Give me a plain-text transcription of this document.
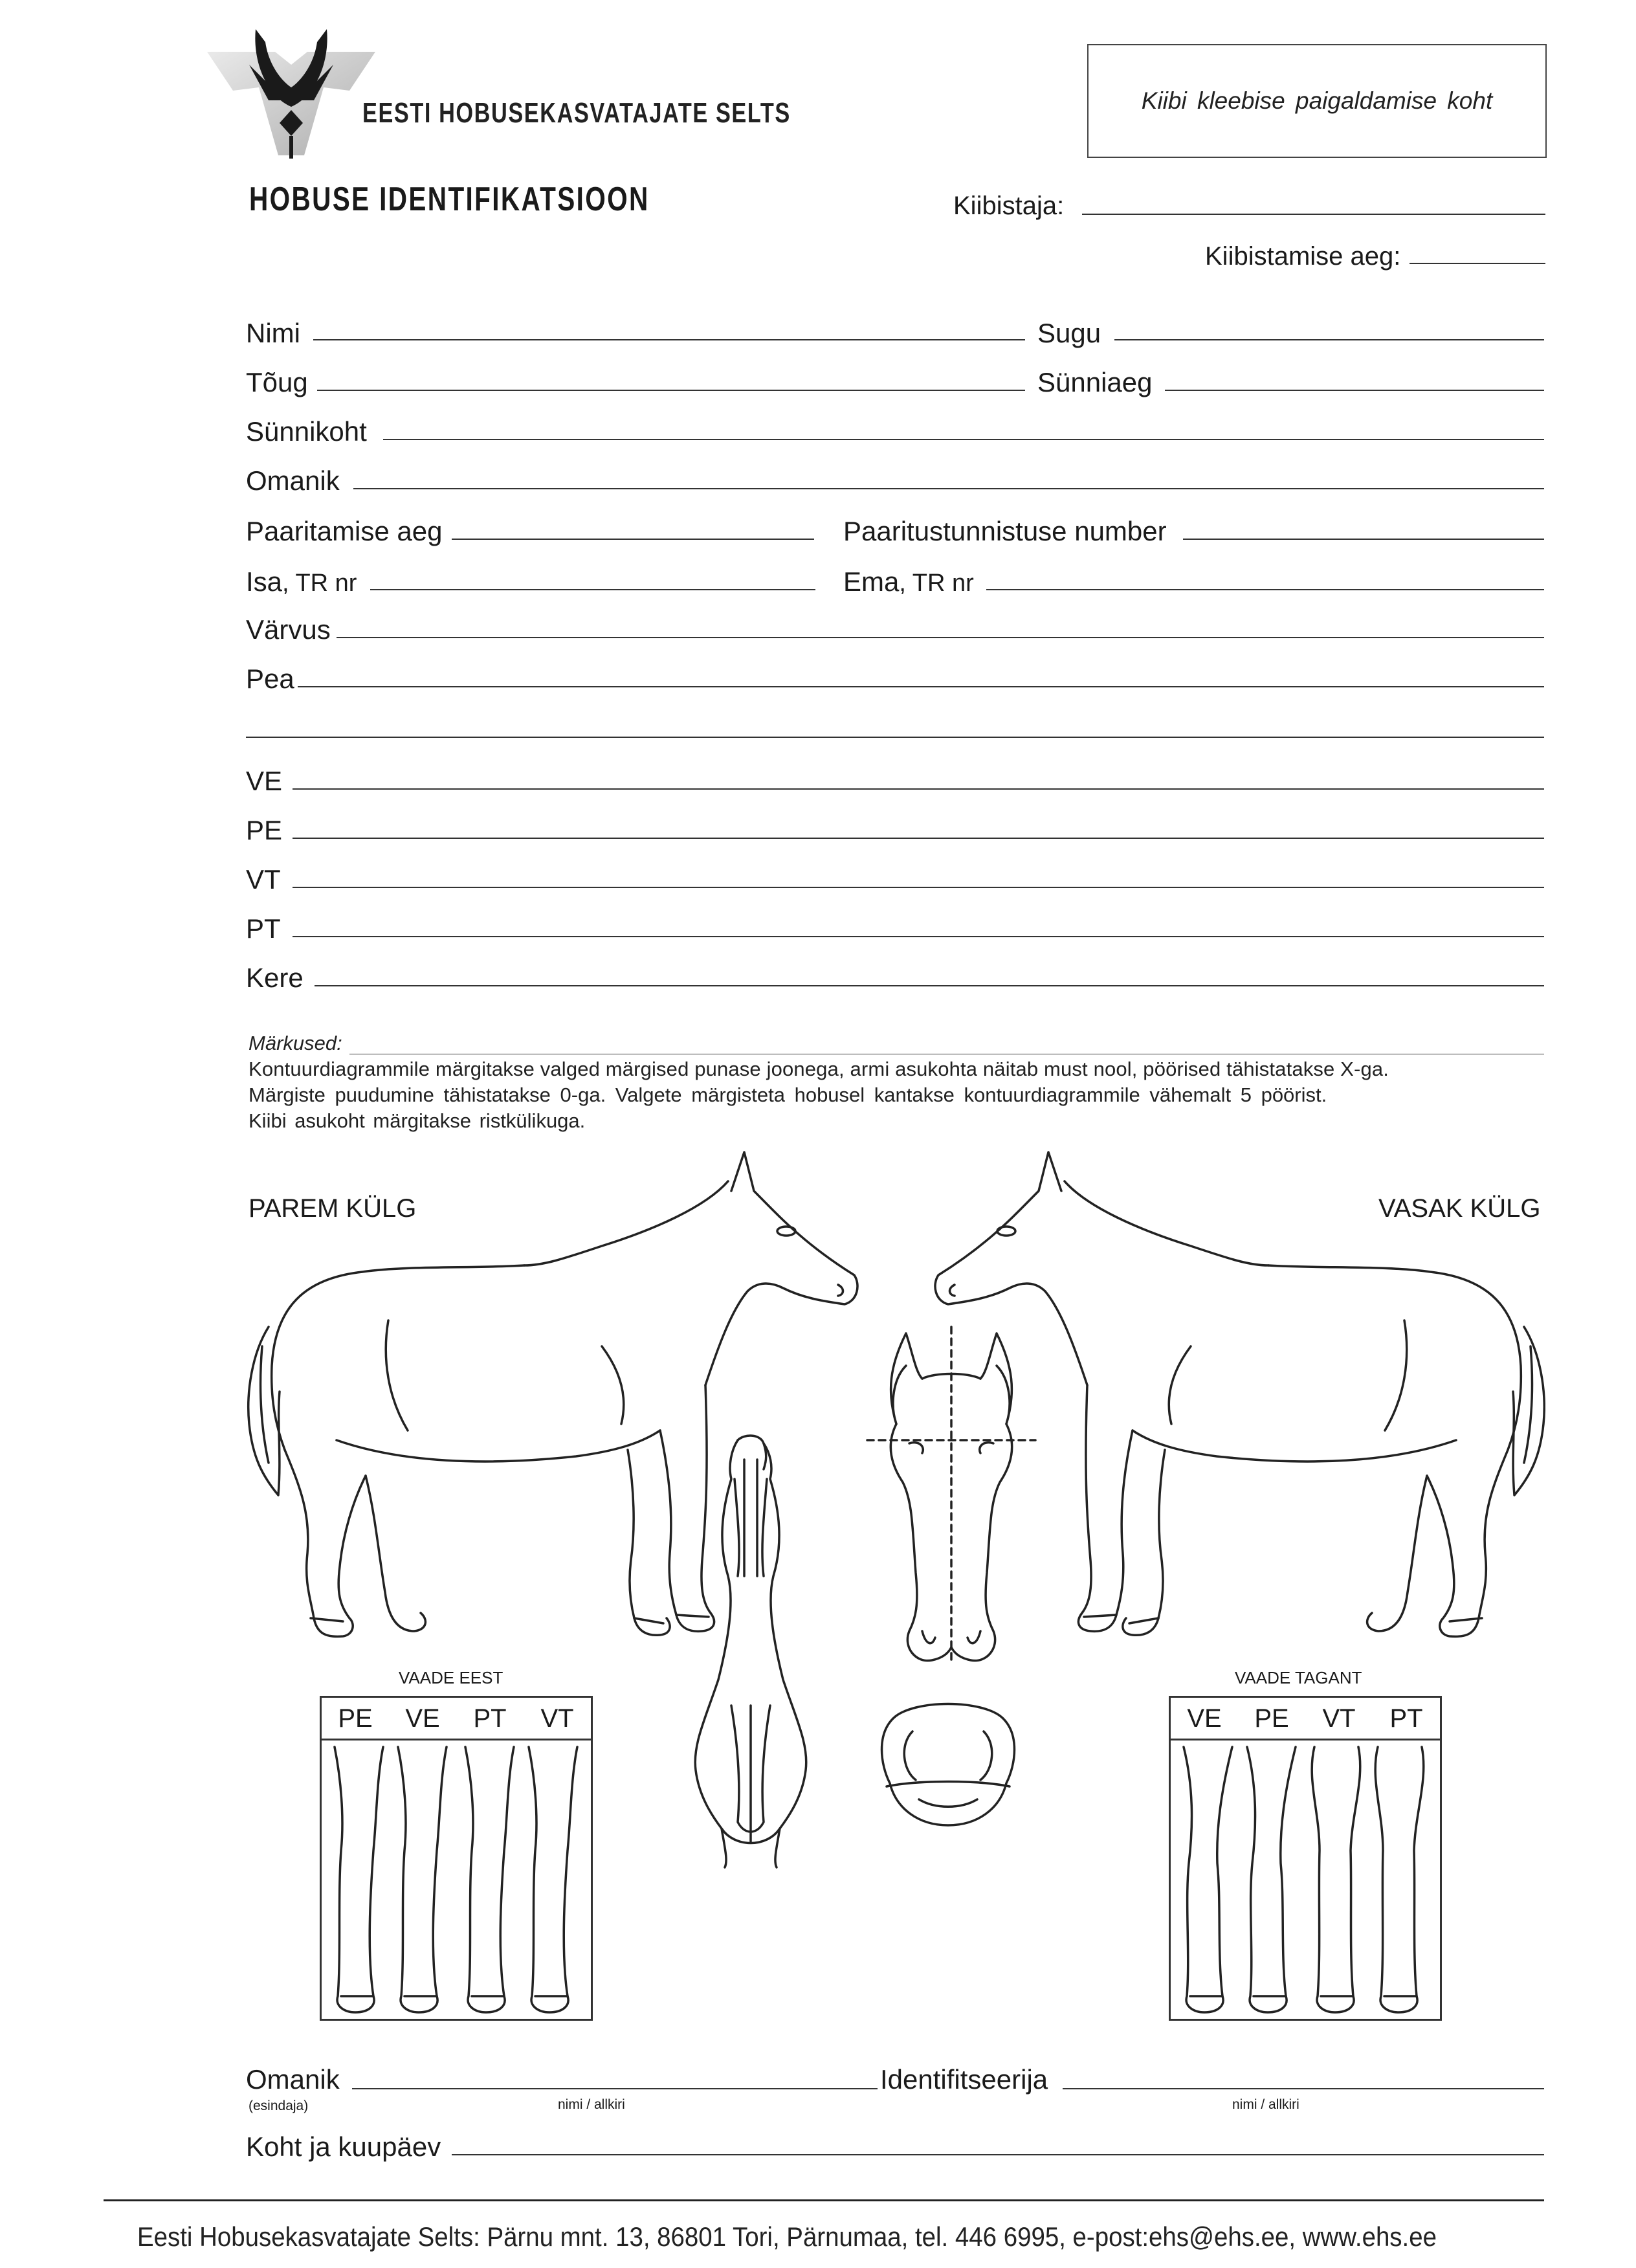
EESTI HOBUSEKASVATAJATE SELTS
HOBUSE IDENTIFIKATSIOON
Kiibi kleebise paigaldamise koht
Kiibistaja:
Kiibistamise aeg:
Nimi	Sugu
Tõug	Sünniaeg
Sünnikoht
Omanik
Paaritamise aeg	Paaritustunnistuse number
Isa, TR nr	Ema, TR nr
Värvus
Pea
VE
PE
VT
PT
Kere
Märkused:
Kontuurdiagrammile märgitakse valged märgised punase joonega, armi asukohta näitab must nool, pöörised tähistatakse X-ga.
Märgiste puudumine tähistatakse 0-ga. Valgete märgisteta hobusel kantakse kontuurdiagrammile vähemalt 5 pöörist.
Kiibi asukoht märgitakse ristkülikuga.
PAREM KÜLG	VASAK KÜLG
VAADE EEST
PE	VE	PT	VT
VAADE TAGANT
VE	PE	VT	PT
Omanik
(esindaja)	nimi / allkiri
Identifitseerija
nimi / allkiri
Koht ja kuupäev
Eesti Hobusekasvatajate Selts: Pärnu mnt. 13, 86801 Tori, Pärnumaa, tel. 446 6995, e-post:ehs@ehs.ee, www.ehs.ee
